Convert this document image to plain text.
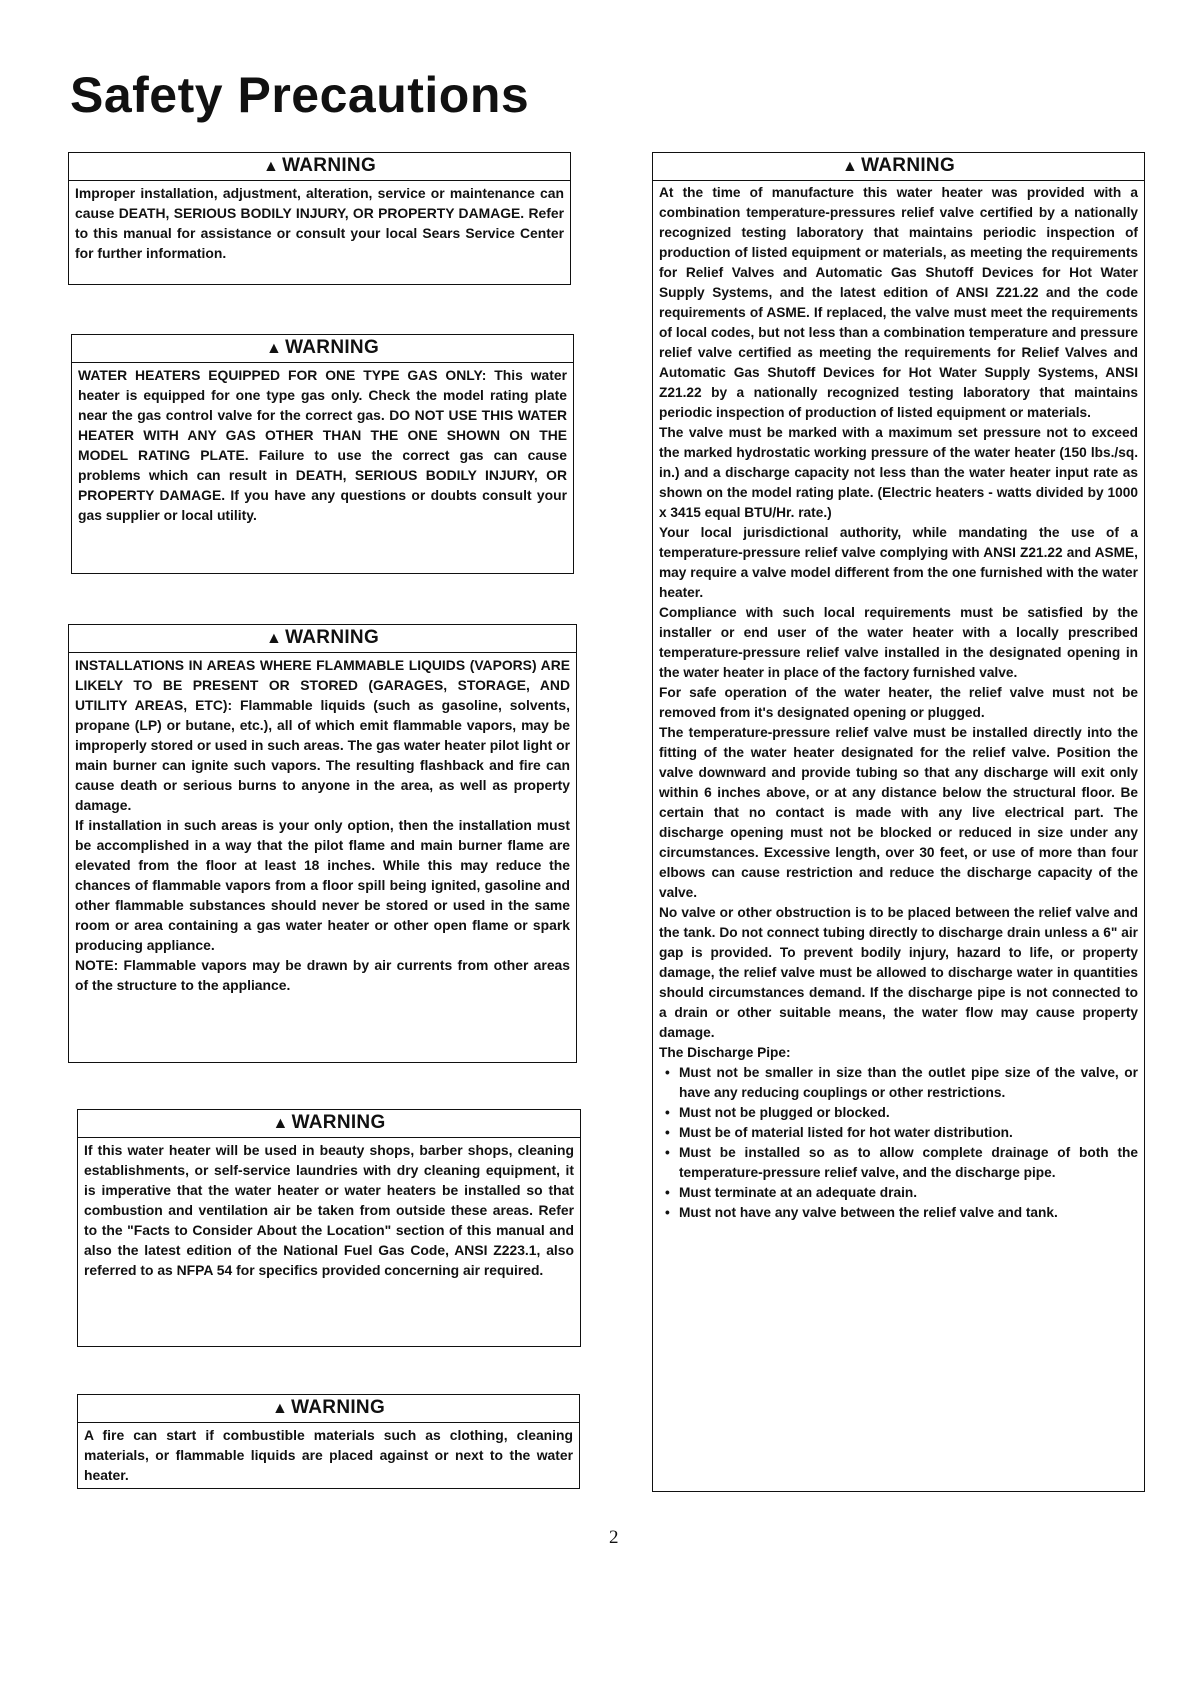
Safety Precautions
▲ WARNING

Improper installation, adjustment, alteration, service or maintenance can cause DEATH, SERIOUS BODILY INJURY, OR PROPERTY DAMAGE. Refer to this manual for assistance or consult your local Sears Service Center for further information.

▲ WARNING

WATER HEATERS EQUIPPED FOR ONE TYPE GAS ONLY: This water heater is equipped for one type gas only. Check the model rating plate near the gas control valve for the correct gas. DO NOT USE THIS WATER HEATER WITH ANY GAS OTHER THAN THE ONE SHOWN ON THE MODEL RATING PLATE. Failure to use the correct gas can cause problems which can result in DEATH, SERIOUS BODILY INJURY, OR PROPERTY DAMAGE. If you have any questions or doubts consult your gas supplier or local utility.

▲ WARNING

INSTALLATIONS IN AREAS WHERE FLAMMABLE LIQUIDS (VAPORS) ARE LIKELY TO BE PRESENT OR STORED (GARAGES, STORAGE, AND UTILITY AREAS, ETC): Flammable liquids (such as gasoline, solvents, propane (LP) or butane, etc.), all of which emit flammable vapors, may be improperly stored or used in such areas. The gas water heater pilot light or main burner can ignite such vapors. The resulting flashback and fire can cause death or serious burns to anyone in the area, as well as property damage.

If installation in such areas is your only option, then the installation must be accomplished in a way that the pilot flame and main burner flame are elevated from the floor at least 18 inches. While this may reduce the chances of flammable vapors from a floor spill being ignited, gasoline and other flammable substances should never be stored or used in the same room or area containing a gas water heater or other open flame or spark producing appliance.

NOTE: Flammable vapors may be drawn by air currents from other areas of the structure to the appliance.

▲ WARNING

If this water heater will be used in beauty shops, barber shops, cleaning establishments, or self-service laundries with dry cleaning equipment, it is imperative that the water heater or water heaters be installed so that combustion and ventilation air be taken from outside these areas. Refer to the "Facts to Consider About the Location" section of this manual and also the latest edition of the National Fuel Gas Code, ANSI Z223.1, also referred to as NFPA 54 for specifics provided concerning air required.

▲ WARNING

A fire can start if combustible materials such as clothing, cleaning materials, or flammable liquids are placed against or next to the water heater.

▲ WARNING

At the time of manufacture this water heater was provided with a combination temperature-pressures relief valve certified by a nationally recognized testing laboratory that maintains periodic inspection of production of listed equipment or materials, as meeting the requirements for Relief Valves and Automatic Gas Shutoff Devices for Hot Water Supply Systems, and the latest edition of ANSI Z21.22 and the code requirements of ASME. If replaced, the valve must meet the requirements of local codes, but not less than a combination temperature and pressure relief valve certified as meeting the requirements for Relief Valves and Automatic Gas Shutoff Devices for Hot Water Supply Systems, ANSI Z21.22 by a nationally recognized testing laboratory that maintains periodic inspection of production of listed equipment or materials.

The valve must be marked with a maximum set pressure not to exceed the marked hydrostatic working pressure of the water heater (150 lbs./sq. in.) and a discharge capacity not less than the water heater input rate as shown on the model rating plate. (Electric heaters - watts divided by 1000 x 3415 equal BTU/Hr. rate.)

Your local jurisdictional authority, while mandating the use of a temperature-pressure relief valve complying with ANSI Z21.22 and ASME, may require a valve model different from the one furnished with the water heater.

Compliance with such local requirements must be satisfied by the installer or end user of the water heater with a locally prescribed temperature-pressure relief valve installed in the designated opening in the water heater in place of the factory furnished valve.

For safe operation of the water heater, the relief valve must not be removed from it's designated opening or plugged.

The temperature-pressure relief valve must be installed directly into the fitting of the water heater designated for the relief valve. Position the valve downward and provide tubing so that any discharge will exit only within 6 inches above, or at any distance below the structural floor. Be certain that no contact is made with any live electrical part. The discharge opening must not be blocked or reduced in size under any circumstances. Excessive length, over 30 feet, or use of more than four elbows can cause restriction and reduce the discharge capacity of the valve.

No valve or other obstruction is to be placed between the relief valve and the tank. Do not connect tubing directly to discharge drain unless a 6" air gap is provided. To prevent bodily injury, hazard to life, or property damage, the relief valve must be allowed to discharge water in quantities should circumstances demand. If the discharge pipe is not connected to a drain or other suitable means, the water flow may cause property damage.

The Discharge Pipe:

• Must not be smaller in size than the outlet pipe size of the valve, or have any reducing couplings or other restrictions.
• Must not be plugged or blocked.
• Must be of material listed for hot water distribution.
• Must be installed so as to allow complete drainage of both the temperature-pressure relief valve, and the discharge pipe.
• Must terminate at an adequate drain.
• Must not have any valve between the relief valve and tank.
2
